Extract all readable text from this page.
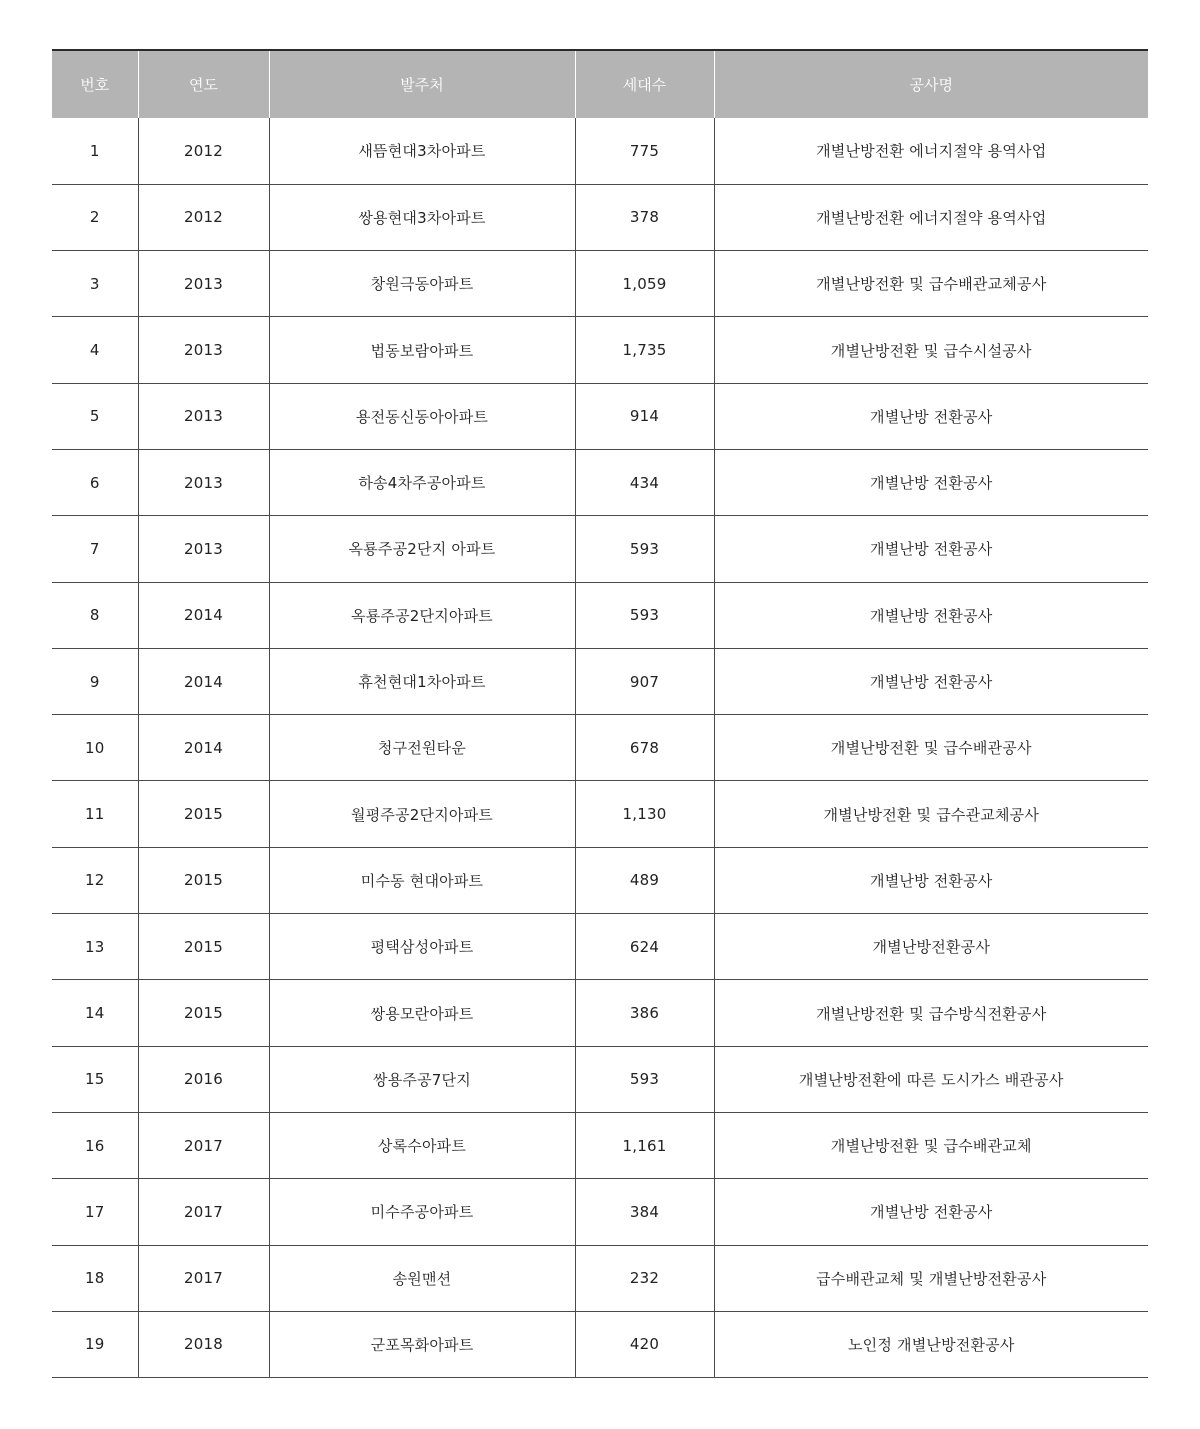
번호	연도	발주처	세대수	공사명
1	2012	새뜸현대3차아파트	775	개별난방전환 에너지절약 용역사업
2	2012	쌍용현대3차아파트	378	개별난방전환 에너지절약 용역사업
3	2013	창원극동아파트	1,059	개별난방전환 및 급수배관교체공사
4	2013	법동보람아파트	1,735	개별난방전환 및 급수시설공사
5	2013	용전동신동아아파트	914	개별난방 전환공사
6	2013	하송4차주공아파트	434	개별난방 전환공사
7	2013	옥룡주공2단지 아파트	593	개별난방 전환공사
8	2014	옥룡주공2단지아파트	593	개별난방 전환공사
9	2014	휴천현대1차아파트	907	개별난방 전환공사
10	2014	청구전원타운	678	개별난방전환 및 급수배관공사
11	2015	월평주공2단지아파트	1,130	개별난방전환 및 급수관교체공사
12	2015	미수동 현대아파트	489	개별난방 전환공사
13	2015	평택삼성아파트	624	개별난방전환공사
14	2015	쌍용모란아파트	386	개별난방전환 및 급수방식전환공사
15	2016	쌍용주공7단지	593	개별난방전환에 따른 도시가스 배관공사
16	2017	상록수아파트	1,161	개별난방전환 및 급수배관교체
17	2017	미수주공아파트	384	개별난방 전환공사
18	2017	송원맨션	232	급수배관교체 및 개별난방전환공사
19	2018	군포목화아파트	420	노인정 개별난방전환공사
